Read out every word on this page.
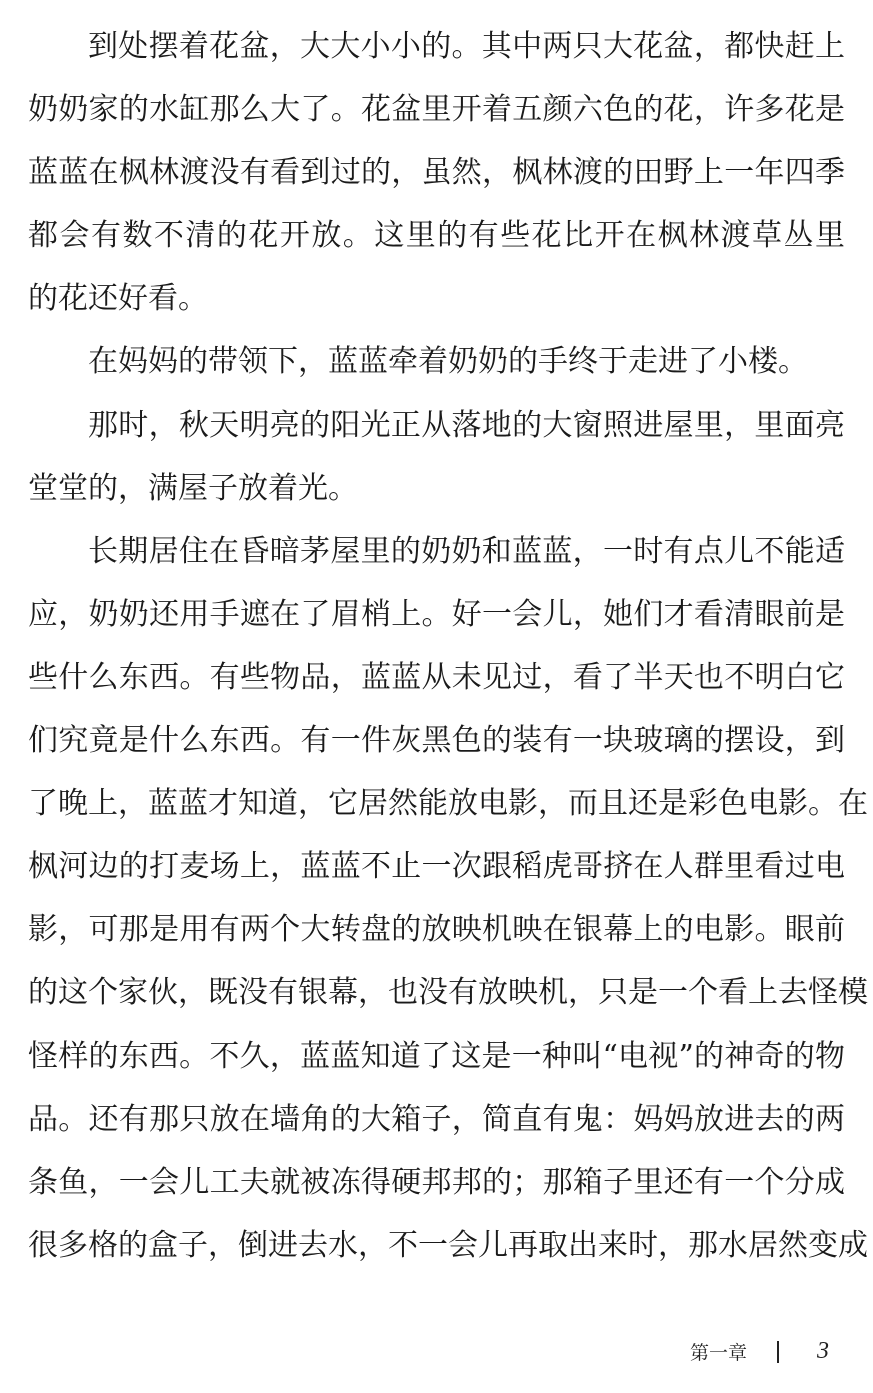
到处摆着花盆，大大小小的。其中两只大花盆，都快赶上
奶奶家的水缸那么大了。花盆里开着五颜六色的花，许多花是
蓝蓝在枫林渡没有看到过的，虽然，枫林渡的田野上一年四季
都会有数不清的花开放。这里的有些花比开在枫林渡草丛里
的花还好看。
在妈妈的带领下，蓝蓝牵着奶奶的手终于走进了小楼。
那时，秋天明亮的阳光正从落地的大窗照进屋里，里面亮
堂堂的，满屋子放着光。
长期居住在昏暗茅屋里的奶奶和蓝蓝，一时有点儿不能适
应，奶奶还用手遮在了眉梢上。好一会儿，她们才看清眼前是
些什么东西。有些物品，蓝蓝从未见过，看了半天也不明白它
们究竟是什么东西。有一件灰黑色的装有一块玻璃的摆设，到
了晚上，蓝蓝才知道，它居然能放电影，而且还是彩色电影。在
枫河边的打麦场上，蓝蓝不止一次跟稻虎哥挤在人群里看过电
影，可那是用有两个大转盘的放映机映在银幕上的电影。眼前
的这个家伙，既没有银幕，也没有放映机，只是一个看上去怪模
怪样的东西。不久，蓝蓝知道了这是一种叫“电视”的神奇的物
品。还有那只放在墙角的大箱子，简直有鬼：妈妈放进去的两
条鱼，一会儿工夫就被冻得硬邦邦的；那箱子里还有一个分成
很多格的盒子，倒进去水，不一会儿再取出来时，那水居然变成
第一章	3
